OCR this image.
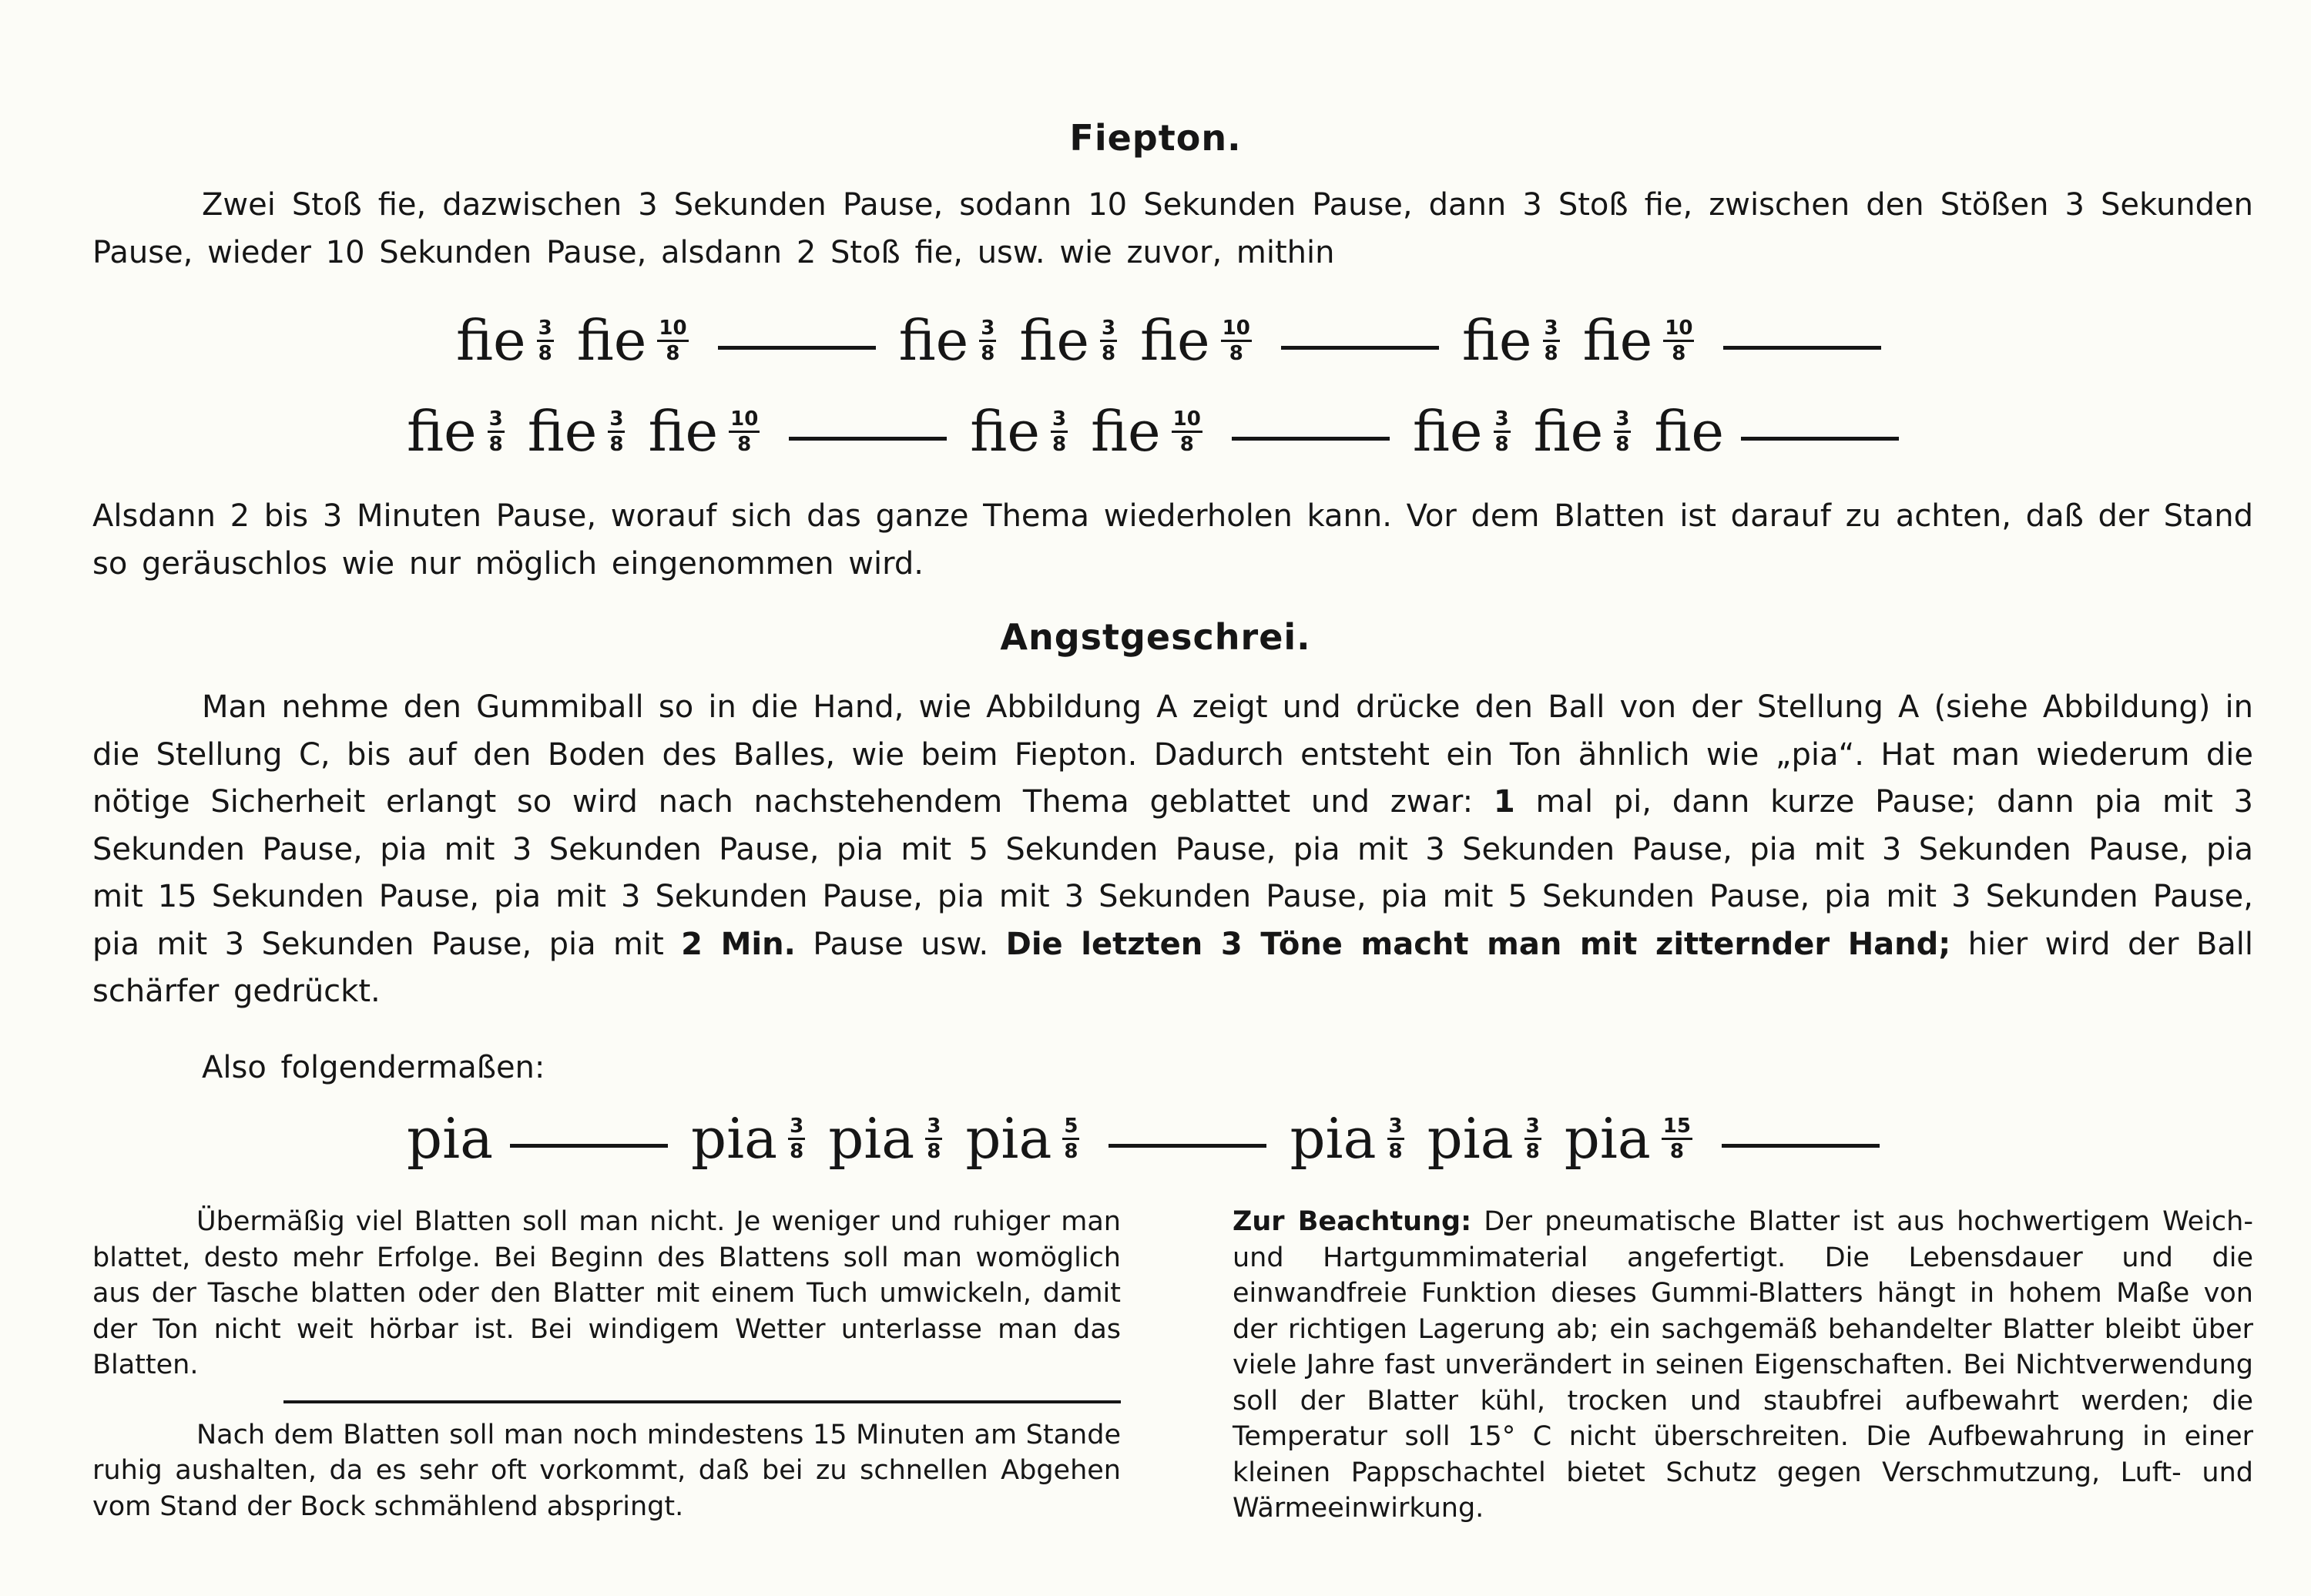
Fiepton.
Zwei Stoß fie, dazwischen 3 Sekunden Pause, sodann 10 Sekunden Pause, dann 3 Stoß fie, zwischen den Stößen 3 Sekunden Pause, wieder 10 Sekunden Pause, alsdann 2 Stoß fie, usw. wie zuvor, mithin
fie $\frac{3}{8}$ fie $\frac{10}{8}$	fie $\frac{3}{8}$ fie $\frac{3}{8}$ fie $\frac{10}{8}$	fie $\frac{3}{8}$ fie $\frac{10}{8}$
fie $\frac{3}{8}$ fie $\frac{3}{8}$ fie $\frac{10}{8}$	fie $\frac{3}{8}$ fie $\frac{10}{8}$	fie $\frac{3}{8}$ fie $\frac{3}{8}$ fie
Alsdann 2 bis 3 Minuten Pause, worauf sich das ganze Thema wiederholen kann. Vor dem Blatten ist darauf zu achten, daß der Stand so geräuschlos wie nur möglich eingenommen wird.
Angstgeschrei.
Man nehme den Gummiball so in die Hand, wie Abbildung A zeigt und drücke den Ball von der Stellung A (siehe Abbildung) in die Stellung C, bis auf den Boden des Balles, wie beim Fiepton. Dadurch entsteht ein Ton ähnlich wie „pia“. Hat man wiederum die nötige Sicherheit erlangt so wird nach nachstehendem Thema geblattet und zwar: 1 mal pi, dann kurze Pause; dann pia mit 3 Sekunden Pause, pia mit 3 Sekunden Pause, pia mit 5 Sekunden Pause, pia mit 3 Sekunden Pause, pia mit 3 Sekunden Pause, pia mit 15 Sekunden Pause, pia mit 3 Sekunden Pause, pia mit 3 Sekunden Pause, pia mit 5 Sekunden Pause, pia mit 3 Sekunden Pause, pia mit 3 Sekunden Pause, pia mit 2 Min. Pause usw. Die letzten 3 Töne macht man mit zitternder Hand; hier wird der Ball schärfer gedrückt.
Also folgendermaßen:
pia	pia $\frac{3}{8}$ pia $\frac{3}{8}$ pia $\frac{5}{8}$	pia $\frac{3}{8}$ pia $\frac{3}{8}$ pia $\frac{15}{8}$

Übermäßig viel Blatten soll man nicht. Je weniger und ruhiger man blattet, desto mehr Erfolge. Bei Beginn des Blattens soll man womöglich aus der Tasche blatten oder den Blatter mit einem Tuch umwickeln, damit der Ton nicht weit hörbar ist. Bei windigem Wetter unterlasse man das Blatten.

Nach dem Blatten soll man noch mindestens 15 Minuten am Stande ruhig aushalten, da es sehr oft vorkommt, daß bei zu schnellen Abgehen vom Stand der Bock schmählend abspringt.

Zur Beachtung: Der pneumatische Blatter ist aus hochwertigem Weich- und Hartgummimaterial angefertigt. Die Lebensdauer und die einwandfreie Funktion dieses Gummi-Blatters hängt in hohem Maße von der richtigen Lagerung ab; ein sachgemäß behandelter Blatter bleibt über viele Jahre fast unverändert in seinen Eigenschaften. Bei Nichtverwendung soll der Blatter kühl, trocken und staubfrei aufbewahrt werden; die Temperatur soll 15° C nicht überschreiten. Die Aufbewahrung in einer kleinen Pappschachtel bietet Schutz gegen Verschmutzung, Luft- und Wärmeeinwirkung.
